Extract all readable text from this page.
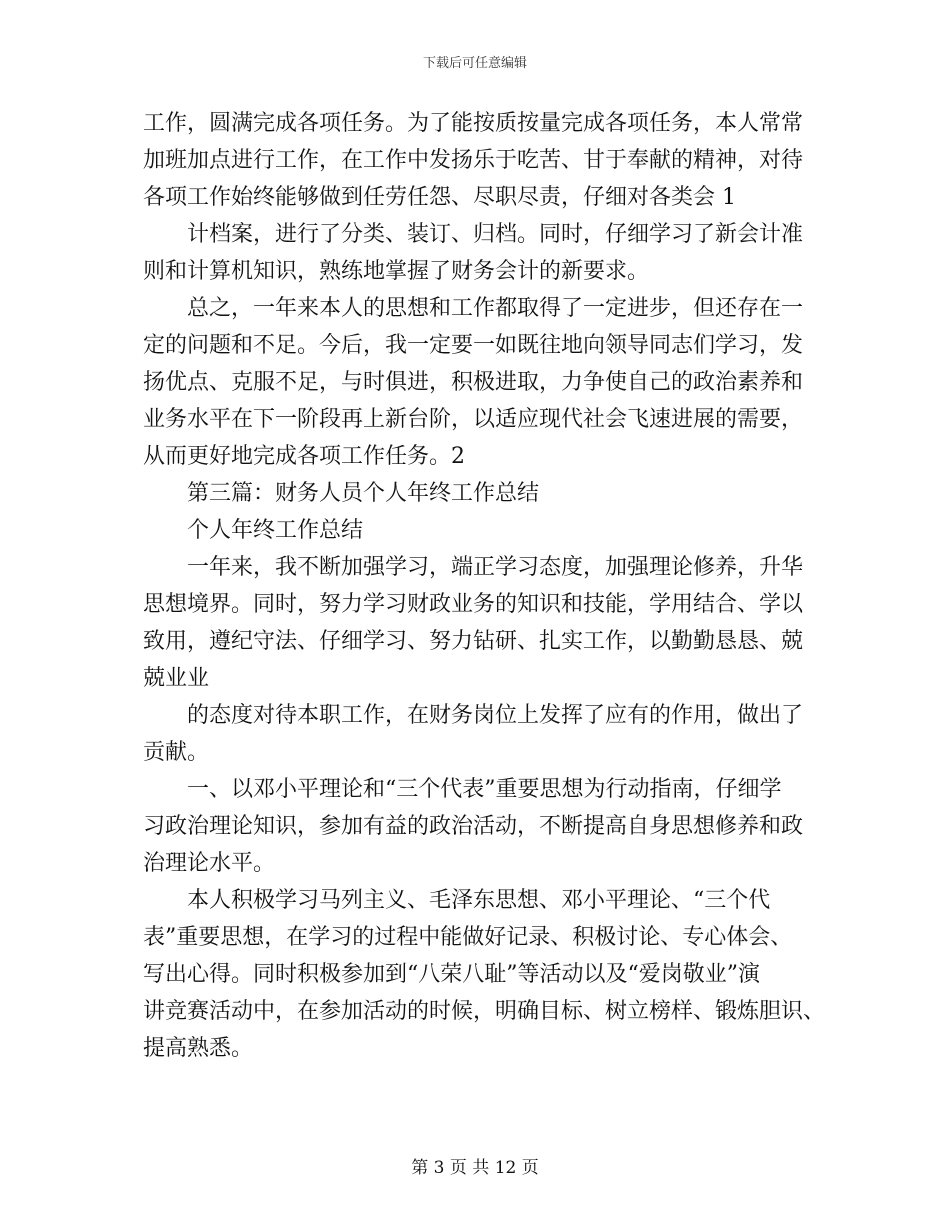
下载后可任意编辑
工作，圆满完成各项任务。为了能按质按量完成各项任务，本人常常
加班加点进行工作，在工作中发扬乐于吃苦、甘于奉献的精神，对待
各项工作始终能够做到任劳任怨、尽职尽责，仔细对各类会 1
计档案，进行了分类、装订、归档。同时，仔细学习了新会计准
则和计算机知识，熟练地掌握了财务会计的新要求。
总之，一年来本人的思想和工作都取得了一定进步，但还存在一
定的问题和不足。今后，我一定要一如既往地向领导同志们学习，发
扬优点、克服不足，与时俱进，积极进取，力争使自己的政治素养和
业务水平在下一阶段再上新台阶，以适应现代社会飞速进展的需要，
从而更好地完成各项工作任务。2
第三篇：财务人员个人年终工作总结
个人年终工作总结
一年来，我不断加强学习，端正学习态度，加强理论修养，升华
思想境界。同时，努力学习财政业务的知识和技能，学用结合、学以
致用，遵纪守法、仔细学习、努力钻研、扎实工作，以勤勤恳恳、兢
兢业业
的态度对待本职工作，在财务岗位上发挥了应有的作用，做出了
贡献。
一、以邓小平理论和“三个代表”重要思想为行动指南，仔细学
习政治理论知识，参加有益的政治活动，不断提高自身思想修养和政
治理论水平。
本人积极学习马列主义、毛泽东思想、邓小平理论、“三个代
表”重要思想，在学习的过程中能做好记录、积极讨论、专心体会、
写出心得。同时积极参加到“八荣八耻”等活动以及“爱岗敬业”演
讲竞赛活动中，在参加活动的时候，明确目标、树立榜样、锻炼胆识、
提高熟悉。
第 3 页 共 12 页
